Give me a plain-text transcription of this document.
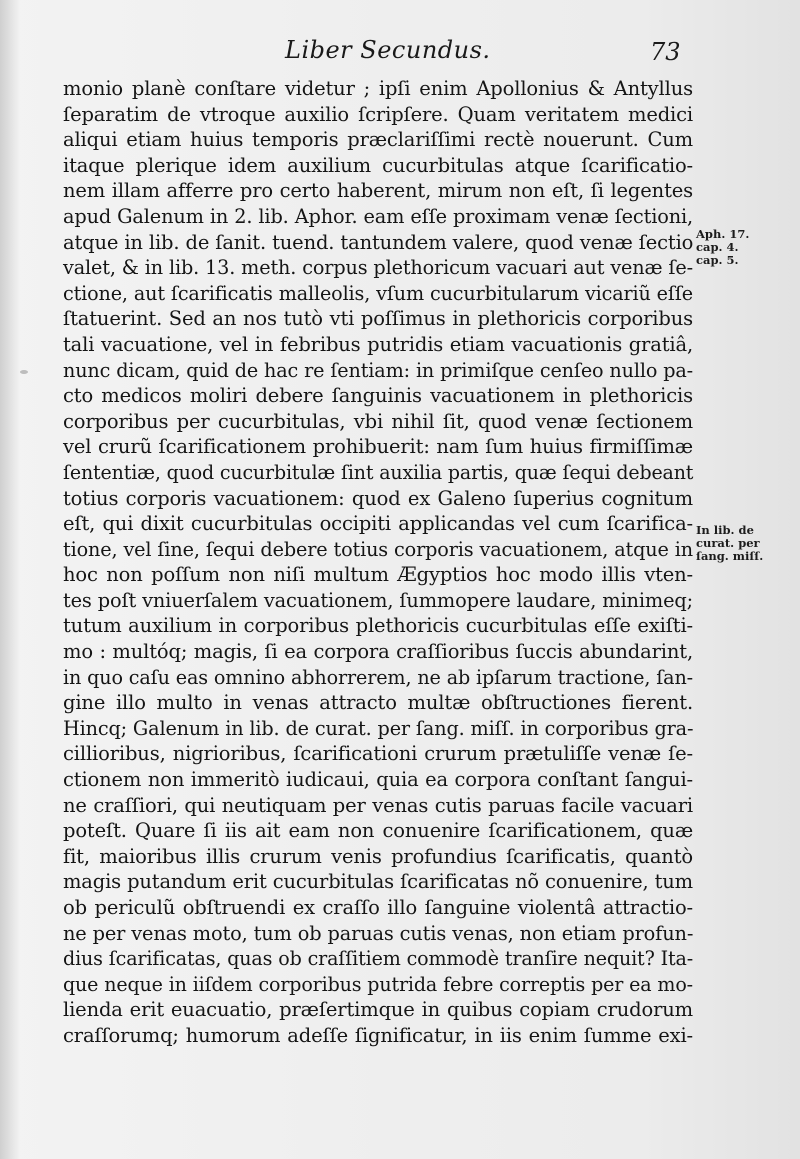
Liber Secundus.	73
monio planè conſtare videtur ; ipſi enim Apollonius & Antyllus
ſeparatim de vtroque auxilio ſcripſere. Quam veritatem medici
aliqui etiam huius temporis præclariſſimi rectè nouerunt. Cum
itaque plerique idem auxilium cucurbitulas atque ſcarificatio-
nem illam afferre pro certo haberent, mirum non eſt, ſi legentes
apud Galenum in 2. lib. Aphor. eam eſſe proximam venæ ſectioni,
atque in lib. de ſanit. tuend. tantundem valere, quod venæ ſectio
valet, & in lib. 13. meth. corpus plethoricum vacuari aut venæ ſe-
ctione, aut ſcarificatis malleolis, vſum cucurbitularum vicariũ eſſe
ſtatuerint. Sed an nos tutò vti poſſimus in plethoricis corporibus
tali vacuatione, vel in febribus putridis etiam vacuationis gratiâ,
nunc dicam, quid de hac re ſentiam: in primiſque cenſeo nullo pa-
cto medicos moliri debere ſanguinis vacuationem in plethoricis
corporibus per cucurbitulas, vbi nihil ſit, quod venæ ſectionem
vel crurũ ſcarificationem prohibuerit: nam ſum huius firmiſſimæ
ſententiæ, quod cucurbitulæ ſint auxilia partis, quæ ſequi debeant
totius corporis vacuationem: quod ex Galeno ſuperius cognitum
eſt, qui dixit cucurbitulas occipiti applicandas vel cum ſcarifica-
tione, vel ſine, ſequi debere totius corporis vacuationem, atque in
hoc non poſſum non niſi multum Ægyptios hoc modo illis vten-
tes poſt vniuerſalem vacuationem, ſummopere laudare, minimeq;
tutum auxilium in corporibus plethoricis cucurbitulas eſſe exiſti-
mo : multóq; magis, ſi ea corpora craſſioribus ſuccis abundarint,
in quo caſu eas omnino abhorrerem, ne ab ipſarum tractione, ſan-
gine illo multo in venas attracto multæ obſtructiones fierent.
Hincq; Galenum in lib. de curat. per ſang. miſſ. in corporibus gra-
cillioribus, nigrioribus, ſcarificationi crurum prætuliſſe venæ ſe-
ctionem non immeritò iudicaui, quia ea corpora conſtant ſangui-
ne craſſiori, qui neutiquam per venas cutis paruas facile vacuari
poteſt. Quare ſi iis ait eam non conuenire ſcarificationem, quæ
fit, maioribus illis crurum venis profundius ſcarificatis, quantò
magis putandum erit cucurbitulas ſcarificatas nõ conuenire, tum
ob periculũ obſtruendi ex craſſo illo ſanguine violentâ attractio-
ne per venas moto, tum ob paruas cutis venas, non etiam profun-
dius ſcarificatas, quas ob craſſitiem commodè tranſire nequit? Ita-
que neque in iiſdem corporibus putrida febre correptis per ea mo-
liendа erit euacuatio, præſertimque in quibus copiam crudorum
craſſorumq; humorum adeſſe ſignificatur, in iis enim ſumme exi-
Aph. 17.
cap. 4.
cap. 5.
In lib. de
curat. per
ſang. miſſ.
